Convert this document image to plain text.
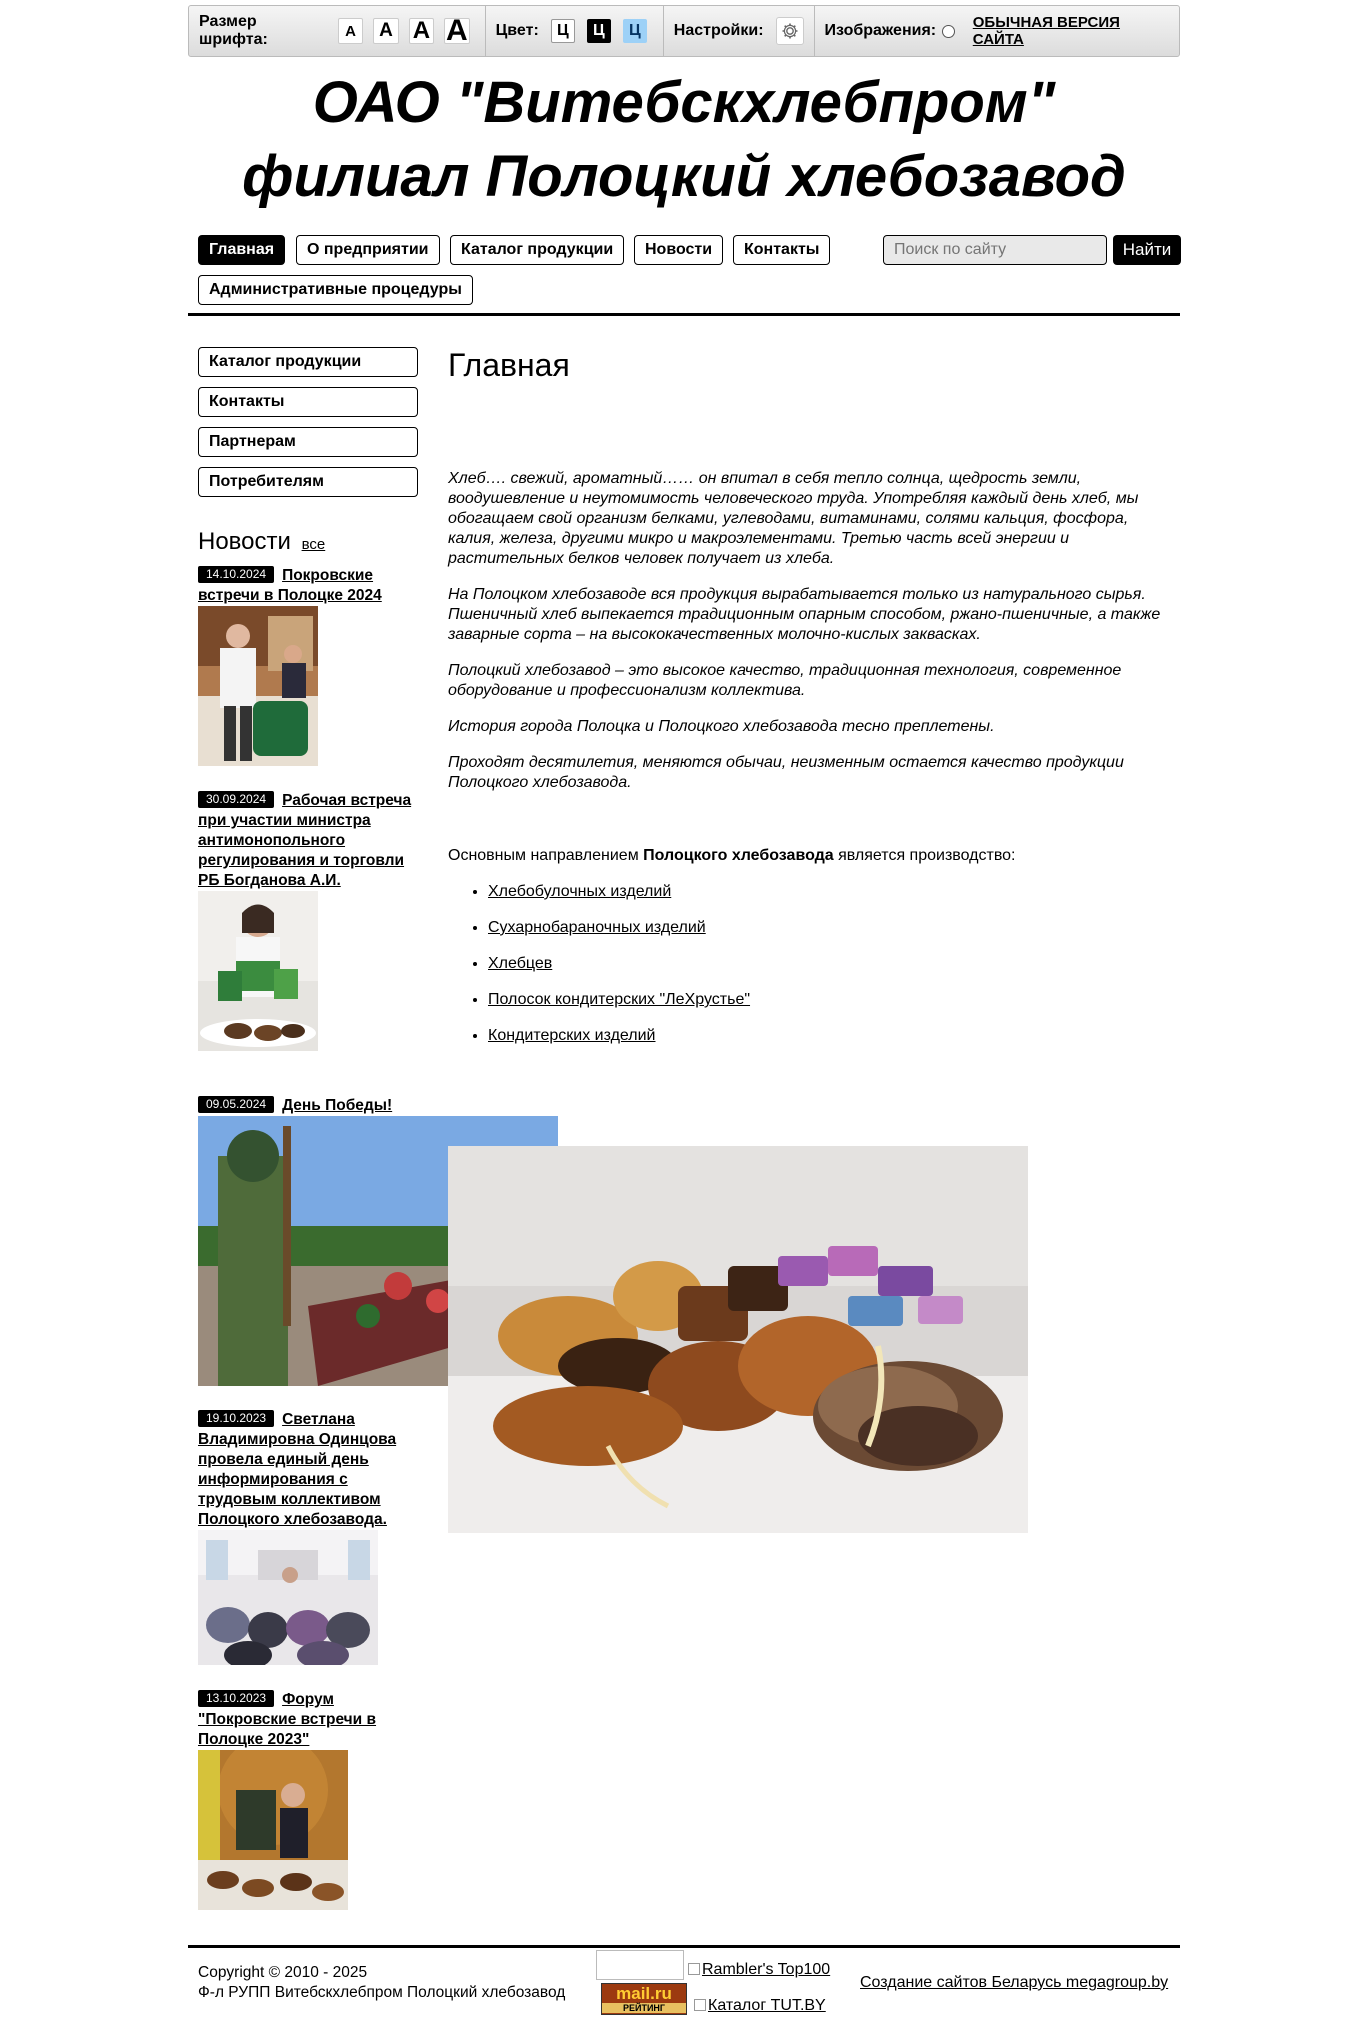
Размер шрифта:	A	A A A Цвет:	Ц	Ц	Ц	Настройки:	Изображения: ОБЫЧНАЯ ВЕРСИЯ САЙТА
ОАО "Витебскхлебпром"
филиал Полоцкий хлебозавод
Главная	О предприятии	Каталог продукции	Новости	Контакты
Административные процедуры
Поиск по сайту
Найти
Каталог продукции
Контакты
Партнерам
Потребителям
Новости все
14.10.2024 Покровские встречи в Полоцке 2024
30.09.2024 Рабочая встреча при участии министра антимонопольного регулирования и торговли РБ Богданова А.И.
09.05.2024 День Победы!
19.10.2023 Светлана Владимировна Одинцова провела единый день информирования с трудовым коллективом Полоцкого хлебозавода.
13.10.2023 Форум "Покровские встречи в Полоцке 2023"
Главная

Хлеб…. свежий, ароматный…… он впитал в себя тепло солнца, щедрость земли, воодушевление и неутомимость человеческого труда. Употребляя каждый день хлеб, мы обогащаем свой организм белками, углеводами, витаминами, солями кальция, фосфора, калия, железа, другими микро и макроэлементами. Третью часть всей энергии и растительных белков человек получает из хлеба.

На Полоцком хлебозаводе вся продукция вырабатывается только из натурального сырья. Пшеничный хлеб выпекается традиционным опарным способом, ржано-пшеничные, а также заварные сорта – на высококачественных молочно-кислых заквасках.

Полоцкий хлебозавод – это высокое качество, традиционная технология, современное оборудование и профессионализм коллектива.

История города Полоцка и Полоцкого хлебозавода тесно преплетены.

Проходят десятилетия, меняются обычаи, неизменным остается качество продукции Полоцкого хлебозавода.

Основным направлением Полоцкого хлебозавода является производство:
• Хлебобулочных изделий
• Сухарнобараночных изделий
• Хлебцев
• Полосок кондитерских "ЛеХрустье"
• Кондитерских изделий
Copyright © 2010 - 2025
Ф-л РУПП Витебскхлебпром Полоцкий хлебозавод
Rambler's Top100
mail.ru
РЕЙТИНГ	Каталог TUT.BY
Создание сайтов Беларусь megagroup.by
